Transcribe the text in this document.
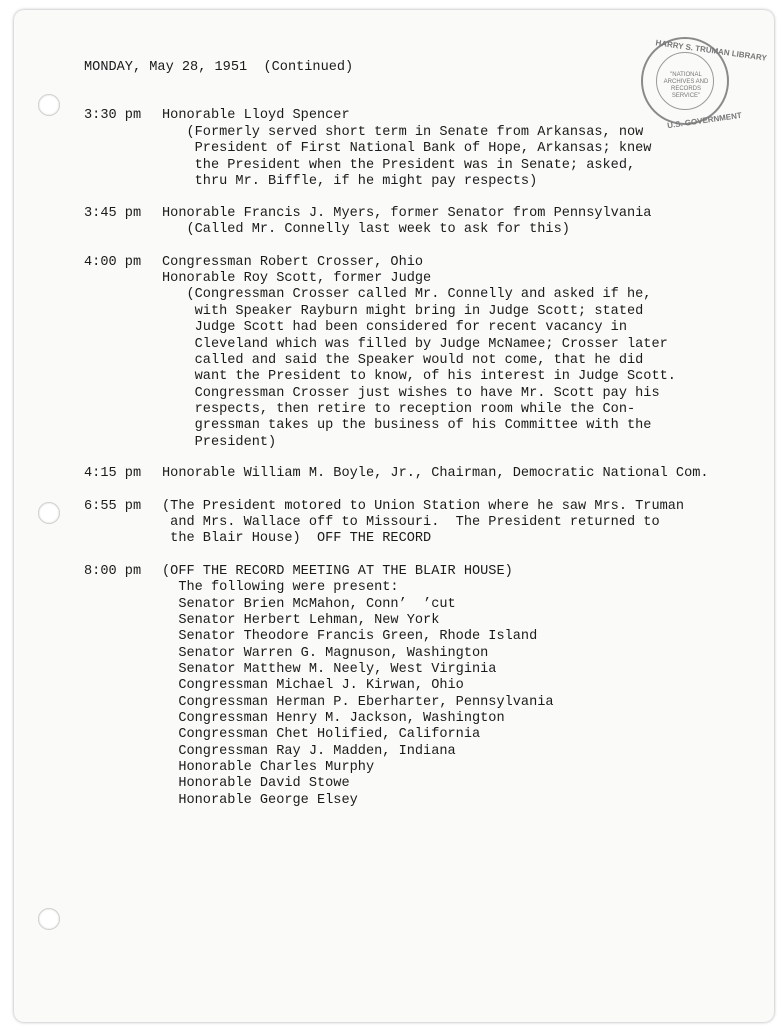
HARRY S. TRUMAN LIBRARY
"NATIONAL
ARCHIVES AND
RECORDS
SERVICE"
U.S. GOVERNMENT
MONDAY, May 28, 1951  (Continued)
3:30 pm Honorable Lloyd Spencer
(Formerly served short term in Senate from Arkansas, now
President of First National Bank of Hope, Arkansas; knew
the President when the President was in Senate; asked,
thru Mr. Biffle, if he might pay respects)
3:45 pm Honorable Francis J. Myers, former Senator from Pennsylvania
(Called Mr. Connelly last week to ask for this)
4:00 pm Congressman Robert Crosser, Ohio
Honorable Roy Scott, former Judge
(Congressman Crosser called Mr. Connelly and asked if he,
with Speaker Rayburn might bring in Judge Scott; stated
Judge Scott had been considered for recent vacancy in
Cleveland which was filled by Judge McNamee; Crosser later
called and said the Speaker would not come, that he did
want the President to know, of his interest in Judge Scott.
Congressman Crosser just wishes to have Mr. Scott pay his
respects, then retire to reception room while the Con-
gressman takes up the business of his Committee with the
President)
4:15 pm Honorable William M. Boyle, Jr., Chairman, Democratic National Com.
6:55 pm (The President motored to Union Station where he saw Mrs. Truman
and Mrs. Wallace off to Missouri.  The President returned to
the Blair House)  OFF THE RECORD
8:00 pm (OFF THE RECORD MEETING AT THE BLAIR HOUSE)
The following were present:
Senator Brien McMahon, Conn’  ’cut
Senator Herbert Lehman, New York
Senator Theodore Francis Green, Rhode Island
Senator Warren G. Magnuson, Washington
Senator Matthew M. Neely, West Virginia
Congressman Michael J. Kirwan, Ohio
Congressman Herman P. Eberharter, Pennsylvania
Congressman Henry M. Jackson, Washington
Congressman Chet Holified, California
Congressman Ray J. Madden, Indiana
Honorable Charles Murphy
Honorable David Stowe
Honorable George Elsey
